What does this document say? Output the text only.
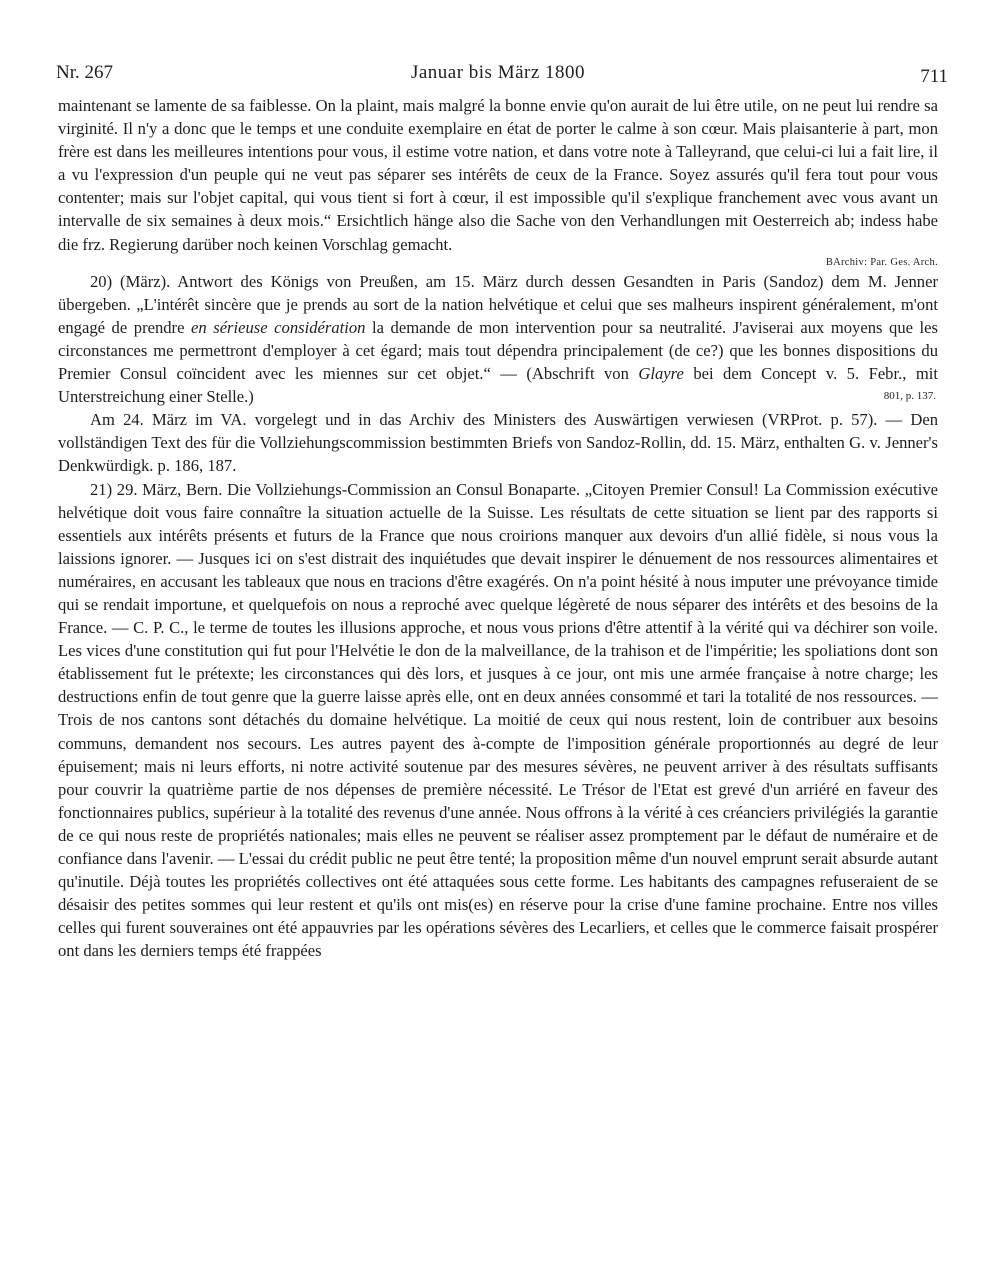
Nr. 267	Januar bis März 1800	711

maintenant se lamente de sa faiblesse. On la plaint, mais malgré la bonne envie qu'on aurait de lui être utile, on ne peut lui rendre sa virginité. Il n'y a donc que le temps et une conduite exemplaire en état de porter le calme à son cœur. Mais plaisanterie à part, mon frère est dans les meilleures intentions pour vous, il estime votre nation, et dans votre note à Talleyrand, que celui-ci lui a fait lire, il a vu l'expression d'un peuple qui ne veut pas séparer ses intérêts de ceux de la France. Soyez assurés qu'il fera tout pour vous contenter; mais sur l'objet capital, qui vous tient si fort à cœur, il est impossible qu'il s'explique franchement avec vous avant un intervalle de six semaines à deux mois.“ Ersichtlich hänge also die Sache von den Verhandlungen mit Oesterreich ab; indess habe die frz. Regierung darüber noch keinen Vorschlag gemacht.

BArchiv: Par. Ges. Arch.

20) (März). Antwort des Königs von Preußen, am 15. März durch dessen Gesandten in Paris (Sandoz) dem M. Jenner übergeben. „L'intérêt sincère que je prends au sort de la nation helvétique et celui que ses malheurs inspirent généralement, m'ont engagé de prendre en sérieuse considération la demande de mon intervention pour sa neutralité. J'aviserai aux moyens que les circonstances me permettront d'employer à cet égard; mais tout dépendra principalement (de ce?) que les bonnes dispositions du Premier Consul coïncident avec les miennes sur cet objet.“ — (Abschrift von Glayre bei dem Concept v. 5. Febr., mit Unterstreichung einer Stelle.)	801, p. 137.

Am 24. März im VA. vorgelegt und in das Archiv des Ministers des Auswärtigen verwiesen (VRProt. p. 57). — Den vollständigen Text des für die Vollziehungscommission bestimmten Briefs von Sandoz-Rollin, dd. 15. März, enthalten G. v. Jenner's Denkwürdigk. p. 186, 187.

21) 29. März, Bern. Die Vollziehungs-Commission an Consul Bonaparte. „Citoyen Premier Consul! La Commission exécutive helvétique doit vous faire connaître la situation actuelle de la Suisse. Les résultats de cette situation se lient par des rapports si essentiels aux intérêts présents et futurs de la France que nous croirions manquer aux devoirs d'un allié fidèle, si nous vous la laissions ignorer. — Jusques ici on s'est distrait des inquiétudes que devait inspirer le dénuement de nos ressources alimentaires et numéraires, en accusant les tableaux que nous en tracions d'être exagérés. On n'a point hésité à nous imputer une prévoyance timide qui se rendait importune, et quelquefois on nous a reproché avec quelque légèreté de nous séparer des intérêts et des besoins de la France. — C. P. C., le terme de toutes les illusions approche, et nous vous prions d'être attentif à la vérité qui va déchirer son voile. Les vices d'une constitution qui fut pour l'Helvétie le don de la malveillance, de la trahison et de l'impéritie; les spoliations dont son établissement fut le prétexte; les circonstances qui dès lors, et jusques à ce jour, ont mis une armée française à notre charge; les destructions enfin de tout genre que la guerre laisse après elle, ont en deux années consommé et tari la totalité de nos ressources. — Trois de nos cantons sont détachés du domaine helvétique. La moitié de ceux qui nous restent, loin de contribuer aux besoins communs, demandent nos secours. Les autres payent des à-compte de l'imposition générale proportionnés au degré de leur épuisement; mais ni leurs efforts, ni notre activité soutenue par des mesures sévères, ne peuvent arriver à des résultats suffisants pour couvrir la quatrième partie de nos dépenses de première nécessité. Le Trésor de l'Etat est grevé d'un arriéré en faveur des fonctionnaires publics, supérieur à la totalité des revenus d'une année. Nous offrons à la vérité à ces créanciers privilégiés la garantie de ce qui nous reste de propriétés nationales; mais elles ne peuvent se réaliser assez promptement par le défaut de numéraire et de confiance dans l'avenir. — L'essai du crédit public ne peut être tenté; la proposition même d'un nouvel emprunt serait absurde autant qu'inutile. Déjà toutes les propriétés collectives ont été attaquées sous cette forme. Les habitants des campagnes refuseraient de se désaisir des petites sommes qui leur restent et qu'ils ont mis(es) en réserve pour la crise d'une famine prochaine. Entre nos villes celles qui furent souveraines ont été appauvries par les opérations sévères des Lecarliers, et celles que le commerce faisait prospérer ont dans les derniers temps été frappées
